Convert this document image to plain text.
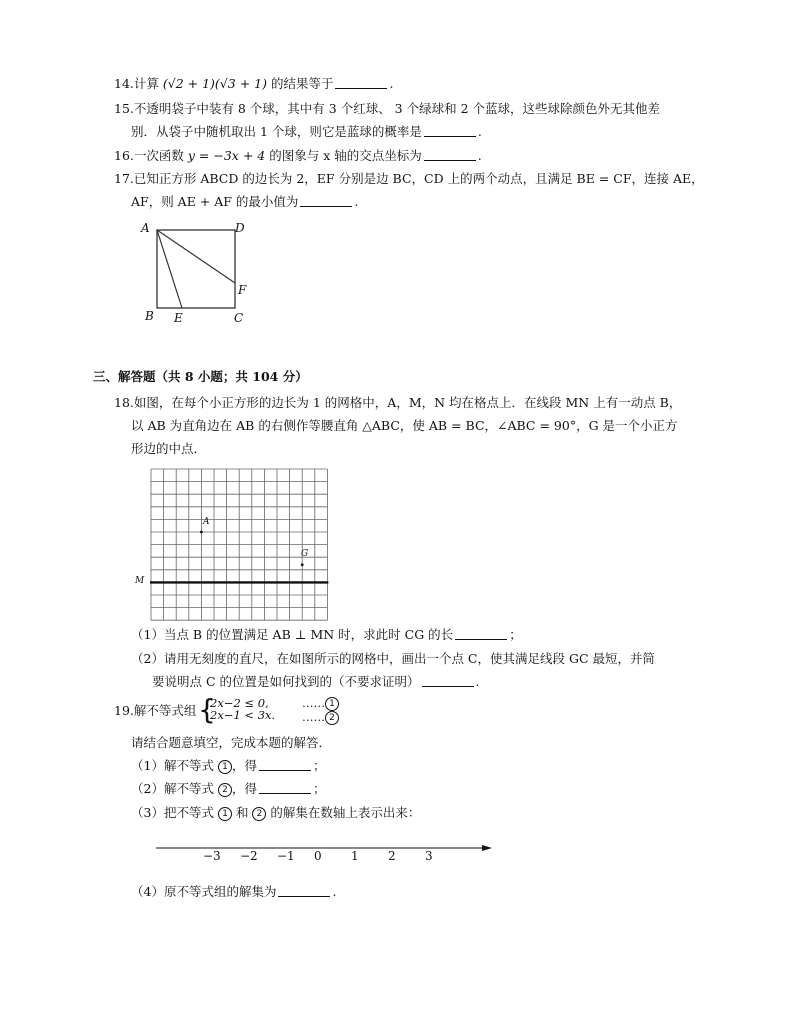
14.计算 (√2 + 1)(√3 + 1) 的结果等于	.
15.不透明袋子中装有 8 个球，其中有 3 个红球、 3 个绿球和 2 个蓝球，这些球除颜色外无其他差
别．从袋子中随机取出 1 个球，则它是蓝球的概率是	.
16.一次函数 y = −3x + 4 的图象与 x 轴的交点坐标为	.
17.已知正方形 ABCD 的边长为 2，EF 分别是边 BC，CD 上的两个动点，且满足 BE = CF，连接 AE，
AF，则 AE + AF 的最小值为	.
A	D
F
B E	C
三、解答题（共 8 小题；共 104 分）
18.如图，在每个小正方形的边长为 1 的网格中，A，M，N 均在格点上．在线段 MN 上有一动点 B，
以 AB 为直角边在 AB 的右侧作等腰直角 △ABC，使 AB = BC，∠ABC = 90°，G 是一个小正方
形边的中点．
A
G
M
（1）当点 B 的位置满足 AB ⊥ MN 时，求此时 CG 的长	；
（2）请用无刻度的直尺，在如图所示的网格中，画出一个点 C，使其满足线段 GC 最短，并简
要说明点 C 的位置是如何找到的（不要求证明）	.
19.解不等式组 {
2x−2 ≤ 0,
2x−1 < 3x.
…… 1
…… 2
请结合题意填空，完成本题的解答．
（1）解不等式 1 ，得	；
（2）解不等式 2 ，得	；
（3）把不等式 1 和 2 的解集在数轴上表示出来：
−3 −2 −1 0 1 2 3
（4）原不等式组的解集为	.
